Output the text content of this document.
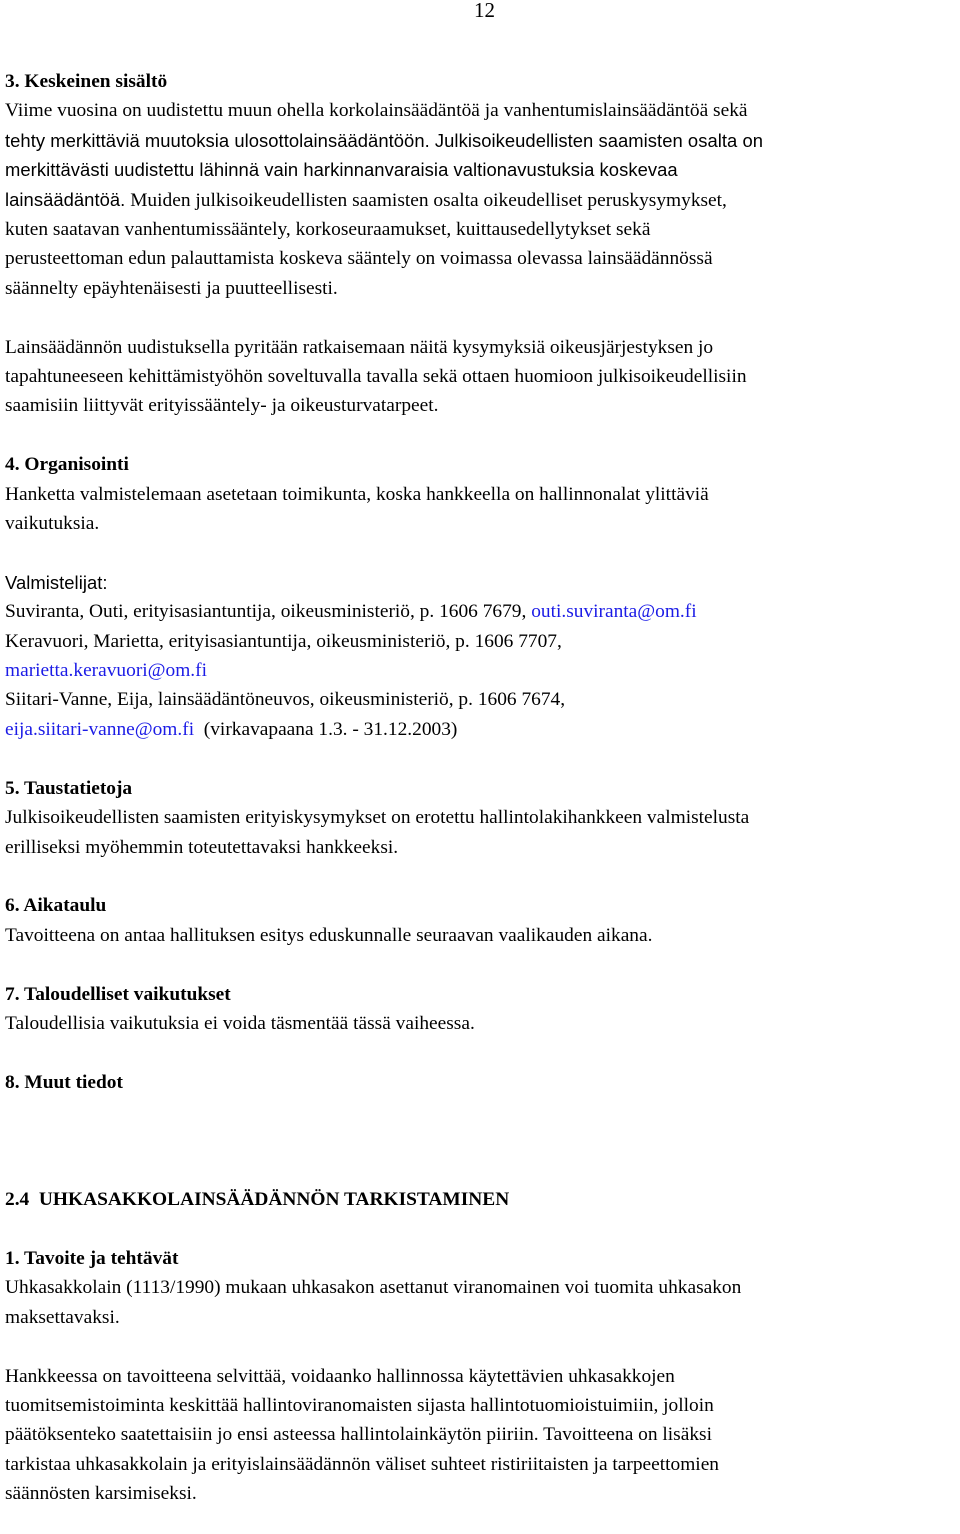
12

3. Keskeinen sisältö

Viime vuosina on uudistettu muun ohella korkolainsäädäntöä ja vanhentumislainsäädäntöä sekä

tehty merkittäviä muutoksia ulosottolainsäädäntöön. Julkisoikeudellisten saamisten osalta on

merkittävästi uudistettu lähinnä vain harkinnanvaraisia valtionavustuksia koskevaa

lainsäädäntöä. Muiden julkisoikeudellisten saamisten osalta oikeudelliset peruskysymykset,

kuten saatavan vanhentumissääntely, korkoseuraamukset, kuittausedellytykset sekä

perusteettoman edun palauttamista koskeva sääntely on voimassa olevassa lainsäädännössä

säännelty epäyhtenäisesti ja puutteellisesti.

Lainsäädännön uudistuksella pyritään ratkaisemaan näitä kysymyksiä oikeusjärjestyksen jo

tapahtuneeseen kehittämistyöhön soveltuvalla tavalla sekä ottaen huomioon julkisoikeudellisiin

saamisiin liittyvät erityissääntely- ja oikeusturvatarpeet.

4. Organisointi

Hanketta valmistelemaan asetetaan toimikunta, koska hankkeella on hallinnonalat ylittäviä

vaikutuksia.

Valmistelijat:

Suviranta, Outi, erityisasiantuntija, oikeusministeriö, p. 1606 7679, outi.suviranta@om.fi

Keravuori, Marietta, erityisasiantuntija, oikeusministeriö, p. 1606 7707,

marietta.keravuori@om.fi

Siitari-Vanne, Eija, lainsäädäntöneuvos, oikeusministeriö, p. 1606 7674,

eija.siitari-vanne@om.fi  (virkavapaana 1.3. - 31.12.2003)

5. Taustatietoja

Julkisoikeudellisten saamisten erityiskysymykset on erotettu hallintolakihankkeen valmistelusta

erilliseksi myöhemmin toteutettavaksi hankkeeksi.

6. Aikataulu

Tavoitteena on antaa hallituksen esitys eduskunnalle seuraavan vaalikauden aikana.

7. Taloudelliset vaikutukset

Taloudellisia vaikutuksia ei voida täsmentää tässä vaiheessa.

8. Muut tiedot

2.4  UHKASAKKOLAINSÄÄDÄNNÖN TARKISTAMINEN

1. Tavoite ja tehtävät

Uhkasakkolain (1113/1990) mukaan uhkasakon asettanut viranomainen voi tuomita uhkasakon

maksettavaksi.

Hankkeessa on tavoitteena selvittää, voidaanko hallinnossa käytettävien uhkasakkojen

tuomitsemistoiminta keskittää hallintoviranomaisten sijasta hallintotuomioistuimiin, jolloin

päätöksenteko saatettaisiin jo ensi asteessa hallintolainkäytön piiriin. Tavoitteena on lisäksi

tarkistaa uhkasakkolain ja erityislainsäädännön väliset suhteet ristiriitaisten ja tarpeettomien

säännösten karsimiseksi.
